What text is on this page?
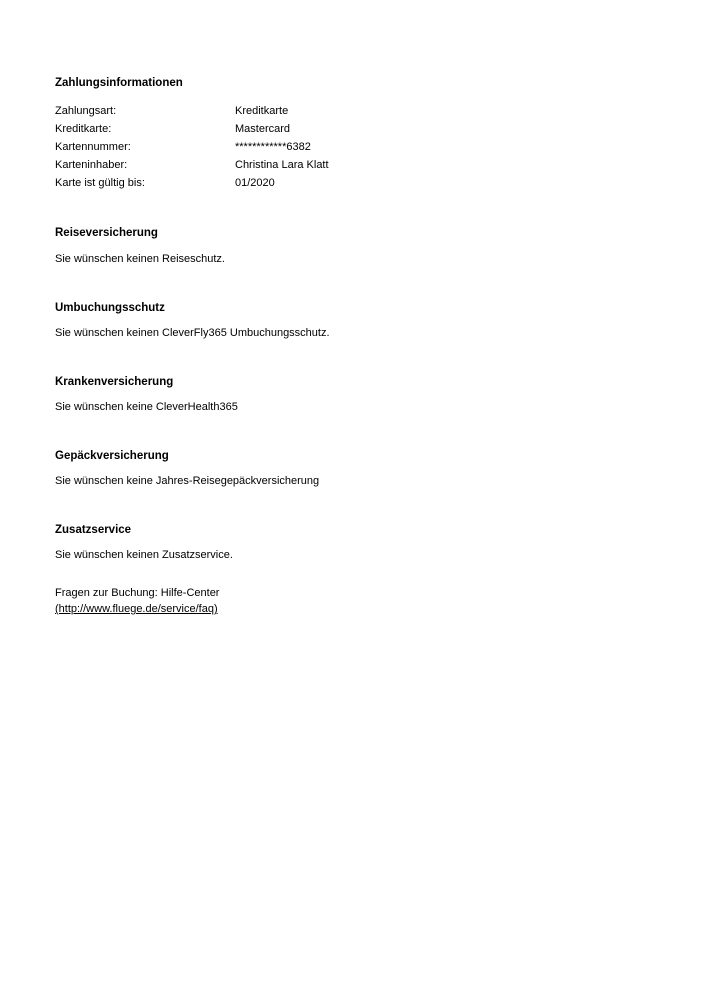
Zahlungsinformationen
Zahlungsart:	Kreditkarte
Kreditkarte:	Mastercard
Kartennummer:	************6382
Karteninhaber:	Christina Lara Klatt
Karte ist gültig bis:	01/2020
Reiseversicherung

Sie wünschen keinen Reiseschutz.

Umbuchungsschutz

Sie wünschen keinen CleverFly365 Umbuchungsschutz.

Krankenversicherung

Sie wünschen keine CleverHealth365

Gepäckversicherung

Sie wünschen keine Jahres-Reisegepäckversicherung

Zusatzservice

Sie wünschen keinen Zusatzservice.

Fragen zur Buchung: Hilfe-Center
(http://www.fluege.de/service/faq)
